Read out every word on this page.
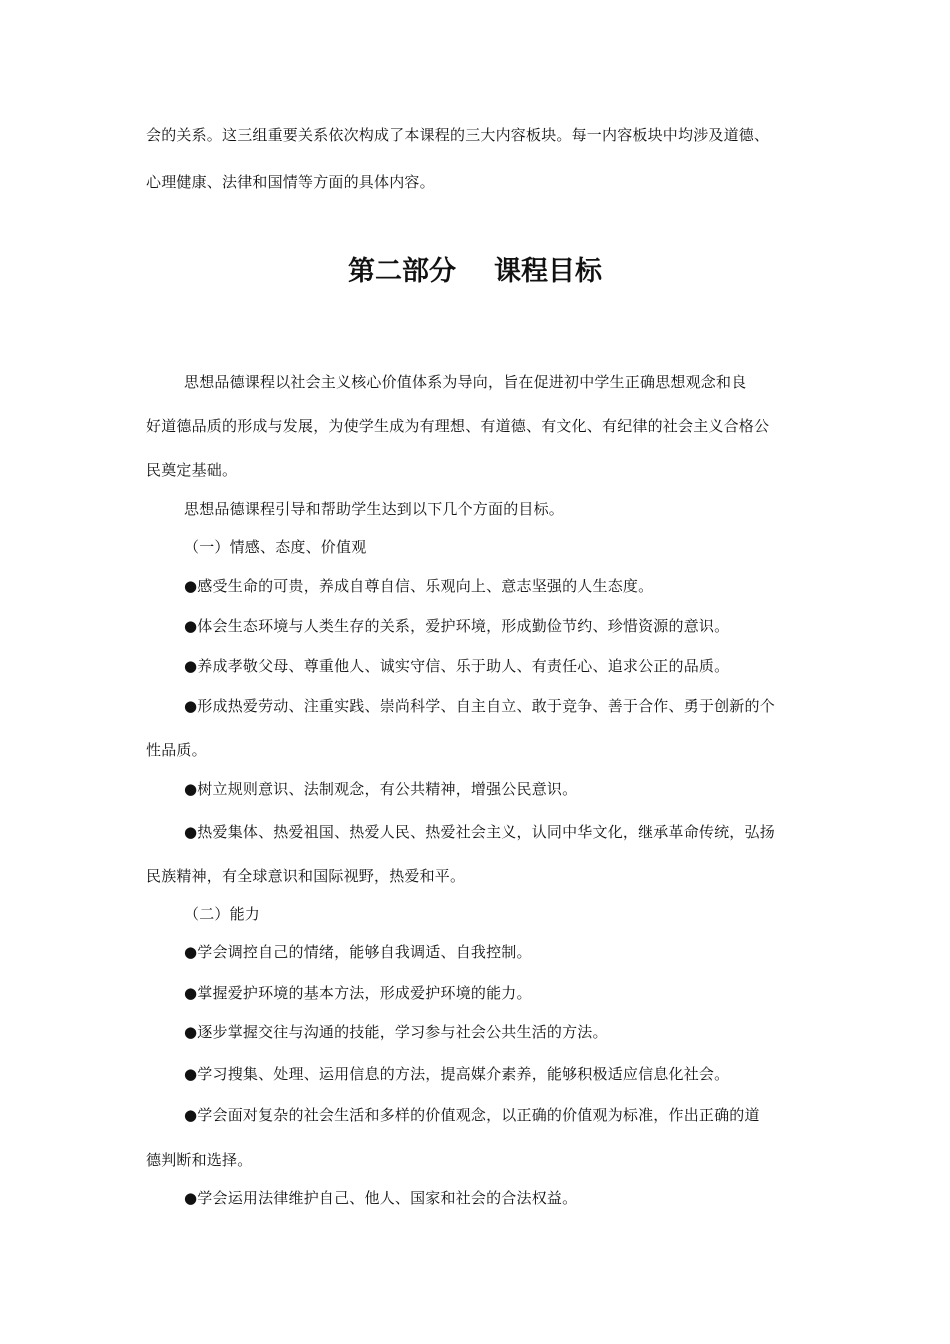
会的关系。这三组重要关系依次构成了本课程的三大内容板块。每一内容板块中均涉及道德、
心理健康、法律和国情等方面的具体内容。
第二部分 课程目标
思想品德课程以社会主义核心价值体系为导向，旨在促进初中学生正确思想观念和良
好道德品质的形成与发展，为使学生成为有理想、有道德、有文化、有纪律的社会主义合格公
民奠定基础。
思想品德课程引导和帮助学生达到以下几个方面的目标。
（一）情感、态度、价值观
●感受生命的可贵，养成自尊自信、乐观向上、意志坚强的人生态度。
●体会生态环境与人类生存的关系，爱护环境，形成勤俭节约、珍惜资源的意识。
●养成孝敬父母、尊重他人、诚实守信、乐于助人、有责任心、追求公正的品质。
●形成热爱劳动、注重实践、崇尚科学、自主自立、敢于竞争、善于合作、勇于创新的个
性品质。
●树立规则意识、法制观念，有公共精神，增强公民意识。
●热爱集体、热爱祖国、热爱人民、热爱社会主义，认同中华文化，继承革命传统，弘扬
民族精神，有全球意识和国际视野，热爱和平。
（二）能力
●学会调控自己的情绪，能够自我调适、自我控制。
●掌握爱护环境的基本方法，形成爱护环境的能力。
●逐步掌握交往与沟通的技能，学习参与社会公共生活的方法。
●学习搜集、处理、运用信息的方法，提高媒介素养，能够积极适应信息化社会。
●学会面对复杂的社会生活和多样的价值观念，以正确的价值观为标准，作出正确的道
德判断和选择。
●学会运用法律维护自己、他人、国家和社会的合法权益。
